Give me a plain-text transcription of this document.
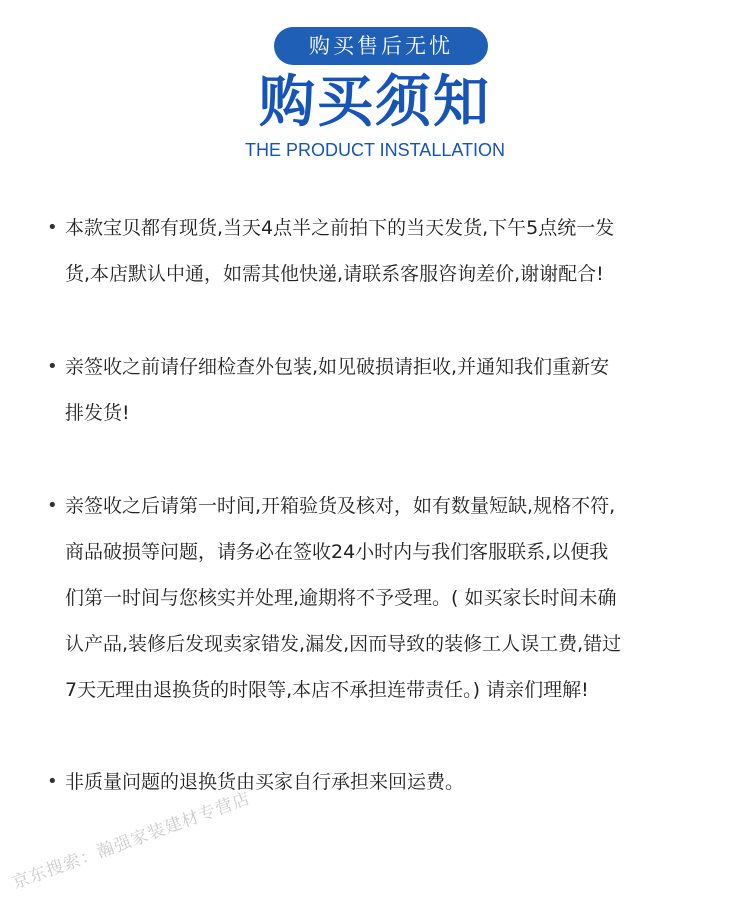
购买售后无忧
购买须知
THE PRODUCT INSTALLATION
• 本款宝贝都有现货,当天4点半之前拍下的当天发货,下午5点统一发
货,本店默认中通，如需其他快递,请联系客服咨询差价,谢谢配合!

• 亲签收之前请仔细检查外包装,如见破损请拒收,并通知我们重新安
排发货!

• 亲签收之后请第一时间,开箱验货及核对，如有数量短缺,规格不符,
商品破损等问题，请务必在签收24小时内与我们客服联系,以便我
们第一时间与您核实并处理,逾期将不予受理。( 如买家长时间未确
认产品,装修后发现卖家错发,漏发,因而导致的装修工人误工费,错过
7天无理由退换货的时限等,本店不承担连带责任。) 请亲们理解!

• 非质量问题的退换货由买家自行承担来回运费。

京东搜索：瀚强家装建材专营店
